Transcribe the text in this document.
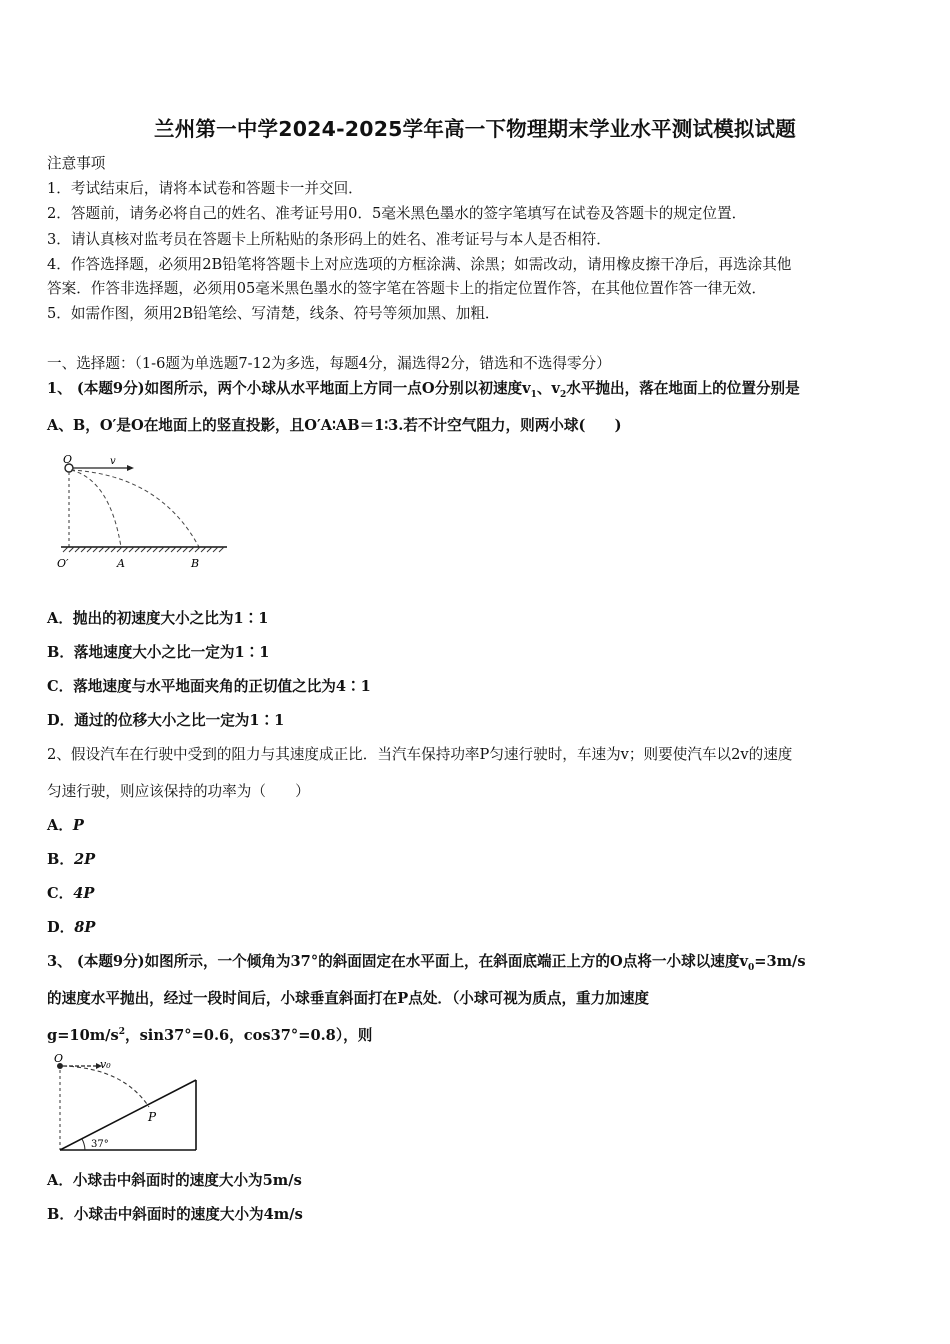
兰州第一中学2024-2025学年高一下物理期末学业水平测试模拟试题
注意事项
1．考试结束后，请将本试卷和答题卡一并交回．
2．答题前，请务必将自己的姓名、准考证号用0．5毫米黑色墨水的签字笔填写在试卷及答题卡的规定位置．
3．请认真核对监考员在答题卡上所粘贴的条形码上的姓名、准考证号与本人是否相符．
4．作答选择题，必须用2B铅笔将答题卡上对应选项的方框涂满、涂黑；如需改动，请用橡皮擦干净后，再选涂其他
答案．作答非选择题，必须用05毫米黑色墨水的签字笔在答题卡上的指定位置作答，在其他位置作答一律无效．
5．如需作图，须用2B铅笔绘、写清楚，线条、符号等须加黑、加粗．
一、选择题：（1-6题为单选题7-12为多选，每题4分，漏选得2分，错选和不选得零分）
1、 (本题9分)如图所示，两个小球从水平地面上方同一点O分别以初速度$v_1$、$v_2$水平抛出，落在地面上的位置分别是
A、B，O′是O在地面上的竖直投影，且O′A∶AB＝1∶3.若不计空气阻力，则两小球(　　)
O	v
O′	A	B
A．抛出的初速度大小之比为1∶1
B．落地速度大小之比一定为1∶1
C．落地速度与水平地面夹角的正切值之比为4∶1
D．通过的位移大小之比一定为1∶1
2、假设汽车在行驶中受到的阻力与其速度成正比．当汽车保持功率P匀速行驶时，车速为v；则要使汽车以2v的速度
匀速行驶，则应该保持的功率为（　　）
A．P
B．2P
C．4P
D．8P
3、 (本题9分)如图所示，一个倾角为37°的斜面固定在水平面上，在斜面底端正上方的O点将一小球以速度$v_0=3m/s$
的速度水平抛出，经过一段时间后，小球垂直斜面打在P点处．（小球可视为质点，重力加速度
$g=10m/s^2$，sin37°=0.6，cos37°=0.8），则
O	v₀
P
37°
A．小球击中斜面时的速度大小为5m/s
B．小球击中斜面时的速度大小为4m/s
